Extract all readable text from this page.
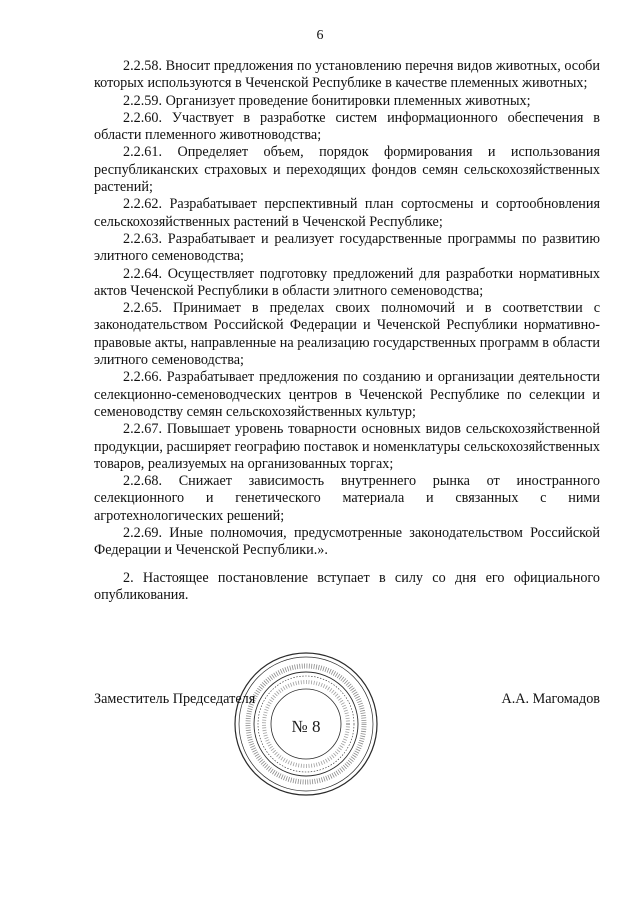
6

2.2.58. Вносит предложения по установлению перечня видов животных, особи которых используются в Чеченской Республике в качестве племенных животных;

2.2.59. Организует проведение бонитировки племенных животных;

2.2.60. Участвует в разработке систем информационного обеспечения в области племенного животноводства;

2.2.61. Определяет объем, порядок формирования и использования республиканских страховых и переходящих фондов семян сельскохозяйственных растений;

2.2.62. Разрабатывает перспективный план сортосмены и сортообновления сельскохозяйственных растений в Чеченской Республике;

2.2.63. Разрабатывает и реализует государственные программы по развитию элитного семеноводства;

2.2.64. Осуществляет подготовку предложений для разработки нормативных актов Чеченской Республики в области элитного семеноводства;

2.2.65. Принимает в пределах своих полномочий и в соответствии с законодательством Российской Федерации и Чеченской Республики нормативно-правовые акты, направленные на реализацию государственных программ в области элитного семеноводства;

2.2.66. Разрабатывает предложения по созданию и организации деятельности селекционно-семеноводческих центров в Чеченской Республике по селекции и семеноводству семян сельскохозяйственных культур;

2.2.67. Повышает уровень товарности основных видов сельскохозяйственной продукции, расширяет географию поставок и номенклатуры сельскохозяйственных товаров, реализуемых на организованных торгах;

2.2.68. Снижает зависимость внутреннего рынка от иностранного селекционного и генетического материала и связанных с ними агротехнологических решений;

2.2.69. Иные полномочия, предусмотренные законодательством Российской Федерации и Чеченской Республики.».

2. Настоящее постановление вступает в силу со дня его официального опубликования.

№ 8
Заместитель Председателя	А.А. Магомадов
